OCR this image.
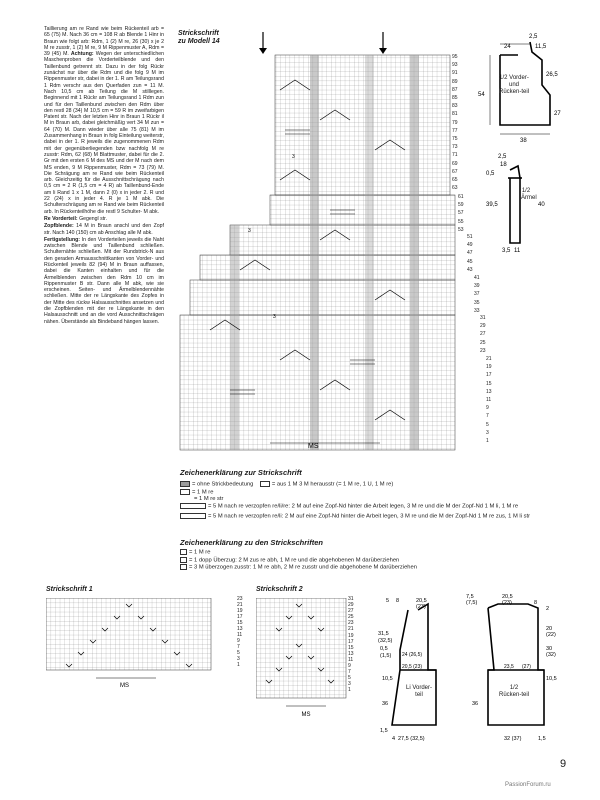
Taillierung am re Rand wie beim Rückenteil arb = 65 (75) M. Nach 36 cm = 108 R ab Blende 1 Hinr in Braun wie folgt arb: Rdm, 1 (2) M re, 26 (30) x je 2 M re zusstr, 1 (2) M re, 9 M Rippenmuster A, Rdm = 39 (45) M. Achtung: Wegen der unterschiedlichen Maschenproben die Vorderteilblende und den Taillenbund getrennt str. Dazu in der folg Rückr zunächst nur über die Rdm und die folg 9 M im Rippenmuster str, dabei in der 1. R am Teilungsrand 1 Rdm verschr aus den Querfaden zun = 11 M. Nach 10,5 cm ab Teilung die M stilllegen. Beginnend mit 1 Rückr am Teilungsrand 1 Rdm zun und für den Taillenbund zwischen den Rdm über den restl 28 (34) M 10,5 cm = 59 R im zweifarbigen Patent str. Nach der letzten Hinr in Braun 1 Rückr il M in Braun arb, dabei gleichmäßig vert 34 M zun = 64 (70) M. Dann wieder über alle 75 (81) M im Zusammenhang in Braun in folg Einteilung weiterstr, dabei in der 1. R jeweils die zugenommenen Rdm mit der gegenüberliegenden bzw nachfolg M re zusstr: Rdm, 62 (68) M Blattmuster, dabei für die 2. Gr mit den ersten 6 M des MS und der M nach dem MS enden, 9 M Rippenmuster, Rdm = 73 (79) M. Die Schrägung am re Rand wie beim Rückenteil arb. Gleichzeitig für die Ausschnittschrägung nach 0,5 cm = 2 R (1,5 cm = 4 R) ab Taillenbund-Ende am li Rand 1 x 1 M, dann 2 (0) x in jeder 2. R und 22 (24) x in jeder 4. R je 1 M abk. Die Schulterschrägung am re Rand wie beim Rückenteil arb. In Rückenteilhöhe die restl 9 Schulter- M abk.

Re Vorderteil: Gegengl str.

Zopfblende: 14 M in Braun anschl und den Zopf str. Nach 140 (150) cm ab Anschlag alle M abk.

Fertigstellung: In den Vorderteilen jeweils die Naht zwischen Blende und Taillenbund schließen. Schulternähte schließen. Mit der Rundstrick-N aus den geraden Armausschnittkanten von Vorder- und Rückenteil jeweils 82 (94) M in Braun auffassen, dabei die Kanten einhalten und für die Ärmelblenden zwischen den Rdm 10 cm im Rippenmuster B str. Dann alle M abk, wie sie erscheinen. Seiten- und Ärmelblendennähte schließen. Mitte der re Längskante des Zopfes in der Mitte des rückw Halsausschnittes ansetzen und die Zopfblenden mit der re Längskante in den Halsausschnitt und an die vord Ausschnittschrägen nähen. Überstände als Bindeband hängen lassen.

Strickschrift
zu Modell 14
3
3
3
MS
95
93
91
89
87
85
83
81
79
77
75
73
71
69
67
65
63
61
59
57
55
53
51
49
47
45
43
41
39
37
35
33
31
29
27
25
23
21
19
17
15
13
11
9
7
5
3
1
24
2,5
11,5
26,5
54
27
38
1/2 Vorder- und Rücken-teil
2,5
18
0,5
39,5	40
3,5 11
1/2 Ärmel
Zeichenerklärung zur Strickschrift
= ohne Strickbedeutung	= aus 1 M 3 M herausstr (= 1 M re, 1 U, 1 M re)
= 1 M re
= 1 M re str
= 5 M nach re verzopfen re/li/re: 2 M auf eine Zopf-Nd hinter die Arbeit legen, 3 M re und die M der Zopf-Nd 1 M li, 1 M re
= 5 M nach re verzopfen re/li: 2 M auf eine Zopf-Nd hinter die Arbeit legen, 3 M re und die M der Zopf-Nd 1 M re zus, 1 M li str
Zeichenerklärung zu den Strickschriften
= 1 M re
= 1 dopp Überzug: 2 M zus re abh, 1 M re und die abgehobenen M darüberziehen
= 3 M überzogen zusstr: 1 M re abh, 2 M re zusstr und die abgehobene M darüberziehen
Strickschrift 1
MS
23
21
19
17
15
13
11
9
7
5
3
1
Strickschrift 2
MS
31
29
27
25
23
21
19
17
15
13
11
9
7
5
3
1
8	20,5
(23)
31,5
(32,5)
0,5
(1,5) 24 (26,5)
20,5 (23)
10,5
36
1,5
27,5 (32,5)
4
5
Li Vorder-teil
7,5
(7,5)
20,5
(23)	8
2
20
(22)
30
(32)
23,5 (27)
10,5
36
32 (37)	1,5
1/2 Rücken-teil
9
PassionForum.ru
